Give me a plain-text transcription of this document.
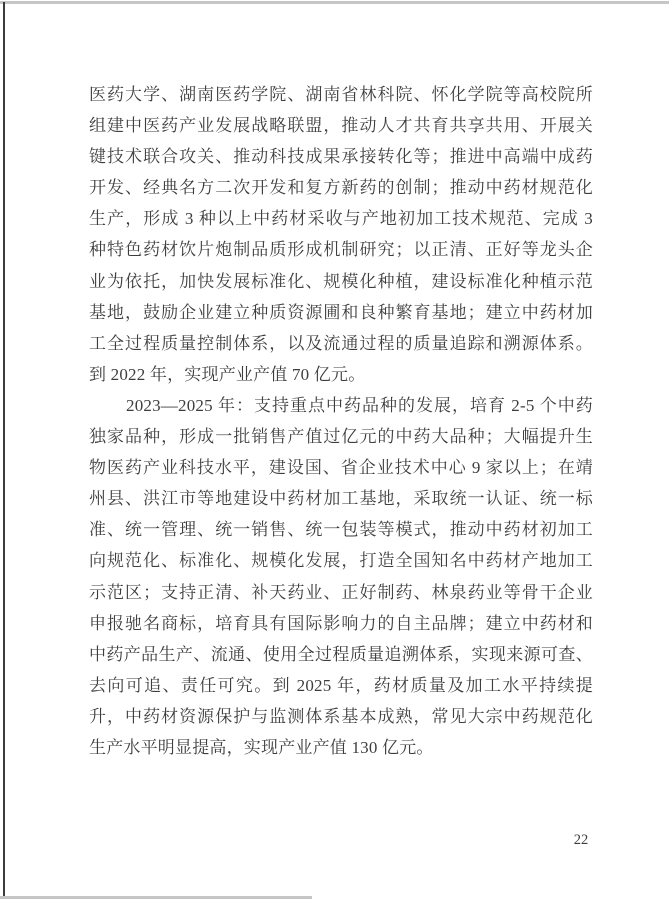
医药大学、湖南医药学院、湖南省林科院、怀化学院等高校院所
组建中医药产业发展战略联盟，推动人才共育共享共用、开展关
键技术联合攻关、推动科技成果承接转化等；推进中高端中成药
开发、经典名方二次开发和复方新药的创制；推动中药材规范化
生产，形成 3 种以上中药材采收与产地初加工技术规范、完成 3
种特色药材饮片炮制品质形成机制研究；以正清、正好等龙头企
业为依托，加快发展标准化、规模化种植，建设标准化种植示范
基地，鼓励企业建立种质资源圃和良种繁育基地；建立中药材加
工全过程质量控制体系，以及流通过程的质量追踪和溯源体系。
到 2022 年，实现产业产值 70 亿元。
2023—2025 年：支持重点中药品种的发展，培育 2-5 个中药
独家品种，形成一批销售产值过亿元的中药大品种；大幅提升生
物医药产业科技水平，建设国、省企业技术中心 9 家以上；在靖
州县、洪江市等地建设中药材加工基地，采取统一认证、统一标
准、统一管理、统一销售、统一包装等模式，推动中药材初加工
向规范化、标准化、规模化发展，打造全国知名中药材产地加工
示范区；支持正清、补天药业、正好制药、林泉药业等骨干企业
申报驰名商标，培育具有国际影响力的自主品牌；建立中药材和
中药产品生产、流通、使用全过程质量追溯体系，实现来源可查、
去向可追、责任可究。到 2025 年，药材质量及加工水平持续提
升，中药材资源保护与监测体系基本成熟，常见大宗中药规范化
生产水平明显提高，实现产业产值 130 亿元。
22
